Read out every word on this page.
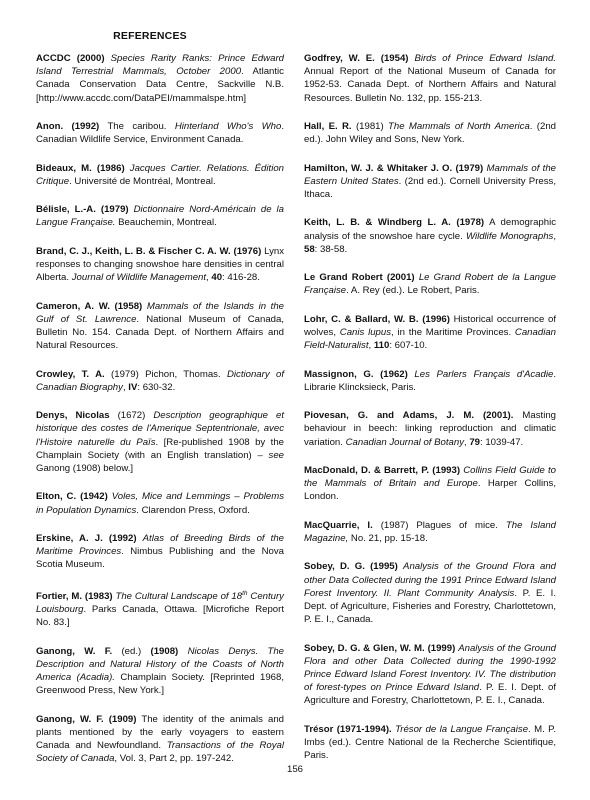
REFERENCES

ACCDC (2000) Species Rarity Ranks: Prince Edward Island Terrestrial Mammals, October 2000. Atlantic Canada Conservation Data Centre, Sackville N.B. [http://www.accdc.com/DataPEI/mammalspe.htm]

Anon. (1992) The caribou. Hinterland Who's Who. Canadian Wildlife Service, Environment Canada.

Bideaux, M. (1986) Jacques Cartier. Relations. Édition Critique. Université de Montréal, Montreal.

Bélisle, L.-A. (1979) Dictionnaire Nord-Américain de la Langue Française. Beauchemin, Montreal.

Brand, C. J., Keith, L. B. & Fischer C. A. W. (1976) Lynx responses to changing snowshoe hare densities in central Alberta. Journal of Wildlife Management, 40: 416-28.

Cameron, A. W. (1958) Mammals of the Islands in the Gulf of St. Lawrence. National Museum of Canada, Bulletin No. 154. Canada Dept. of Northern Affairs and Natural Resources.

Crowley, T. A. (1979) Pichon, Thomas. Dictionary of Canadian Biography, IV: 630-32.

Denys, Nicolas (1672) Description geographique et historique des costes de l'Amerique Septentrionale, avec l'Histoire naturelle du Païs. [Re-published 1908 by the Champlain Society (with an English translation) – see Ganong (1908) below.]

Elton, C. (1942) Voles, Mice and Lemmings – Problems in Population Dynamics. Clarendon Press, Oxford.

Erskine, A. J. (1992) Atlas of Breeding Birds of the Maritime Provinces. Nimbus Publishing and the Nova Scotia Museum.

Fortier, M. (1983) The Cultural Landscape of 18th Century Louisbourg. Parks Canada, Ottawa. [Microfiche Report No. 83.]

Ganong, W. F. (ed.) (1908) Nicolas Denys. The Description and Natural History of the Coasts of North America (Acadia). Champlain Society. [Reprinted 1968, Greenwood Press, New York.]

Ganong, W. F. (1909) The identity of the animals and plants mentioned by the early voyagers to eastern Canada and Newfoundland. Transactions of the Royal Society of Canada, Vol. 3, Part 2, pp. 197-242.

Godfrey, W. E. (1954) Birds of Prince Edward Island. Annual Report of the National Museum of Canada for 1952-53. Canada Dept. of Northern Affairs and Natural Resources. Bulletin No. 132, pp. 155-213.

Hall, E. R. (1981) The Mammals of North America. (2nd ed.). John Wiley and Sons, New York.

Hamilton, W. J. & Whitaker J. O. (1979) Mammals of the Eastern United States. (2nd ed.). Cornell University Press, Ithaca.

Keith, L. B. & Windberg L. A. (1978) A demographic analysis of the snowshoe hare cycle. Wildlife Monographs, 58: 38-58.

Le Grand Robert (2001) Le Grand Robert de la Langue Française. A. Rey (ed.). Le Robert, Paris.

Lohr, C. & Ballard, W. B. (1996) Historical occurrence of wolves, Canis lupus, in the Maritime Provinces. Canadian Field-Naturalist, 110: 607-10.

Massignon, G. (1962) Les Parlers Français d'Acadie. Librarie Klincksieck, Paris.

Piovesan, G. and Adams, J. M. (2001). Masting behaviour in beech: linking reproduction and climatic variation. Canadian Journal of Botany, 79: 1039-47.

MacDonald, D. & Barrett, P. (1993) Collins Field Guide to the Mammals of Britain and Europe. Harper Collins, London.

MacQuarrie, I. (1987) Plagues of mice. The Island Magazine, No. 21, pp. 15-18.

Sobey, D. G. (1995) Analysis of the Ground Flora and other Data Collected during the 1991 Prince Edward Island Forest Inventory. II. Plant Community Analysis. P. E. I. Dept. of Agriculture, Fisheries and Forestry, Charlottetown, P. E. I., Canada.

Sobey, D. G. & Glen, W. M. (1999) Analysis of the Ground Flora and other Data Collected during the 1990-1992 Prince Edward Island Forest Inventory. IV. The distribution of forest-types on Prince Edward Island. P. E. I. Dept. of Agriculture and Forestry, Charlottetown, P. E. I., Canada.

Trésor (1971-1994). Trésor de la Langue Française. M. P. Imbs (ed.). Centre National de la Recherche Scientifique, Paris.

156
